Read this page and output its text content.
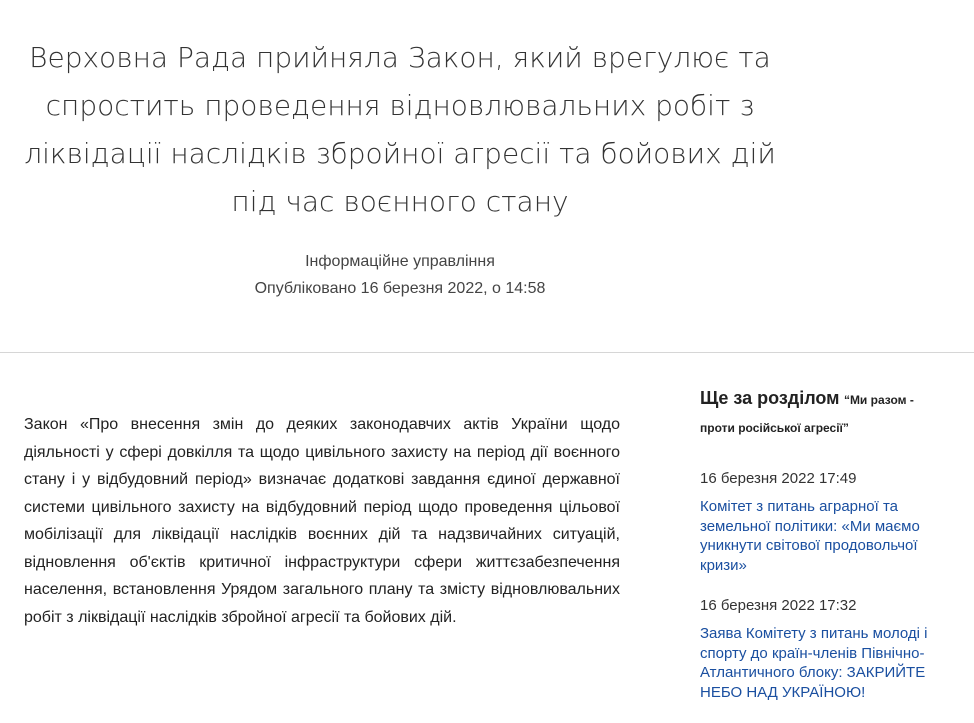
Верховна Рада прийняла Закон, який врегулює та спростить проведення відновлювальних робіт з ліквідації наслідків збройної агресії та бойових дій під час воєнного стану
Інформаційне управління
Опубліковано 16 березня 2022, о 14:58
Закон «Про внесення змін до деяких законодавчих актів України щодо діяльності у сфері довкілля та щодо цивільного захисту на період дії воєнного стану і у відбудовний період» визначає додаткові завдання єдиної державної системи цивільного захисту на відбудовний період щодо проведення цільової мобілізації для ліквідації наслідків воєнних дій та надзвичайних ситуацій, відновлення об'єктів критичної інфраструктури сфери життєзабезпечення населення, встановлення Урядом загального плану та змісту відновлювальних робіт з ліквідації наслідків збройної агресії та бойових дій.
Ще за розділом “Ми разом - проти російської агресії”
16 березня 2022 17:49
Комітет з питань аграрної та земельної політики: «Ми маємо уникнути світової продовольчої кризи»
16 березня 2022 17:32
Заява Комітету з питань молоді і спорту до країн-членів Північно-Атлантичного блоку: ЗАКРИЙТЕ НЕБО НАД УКРАЇНОЮ!
